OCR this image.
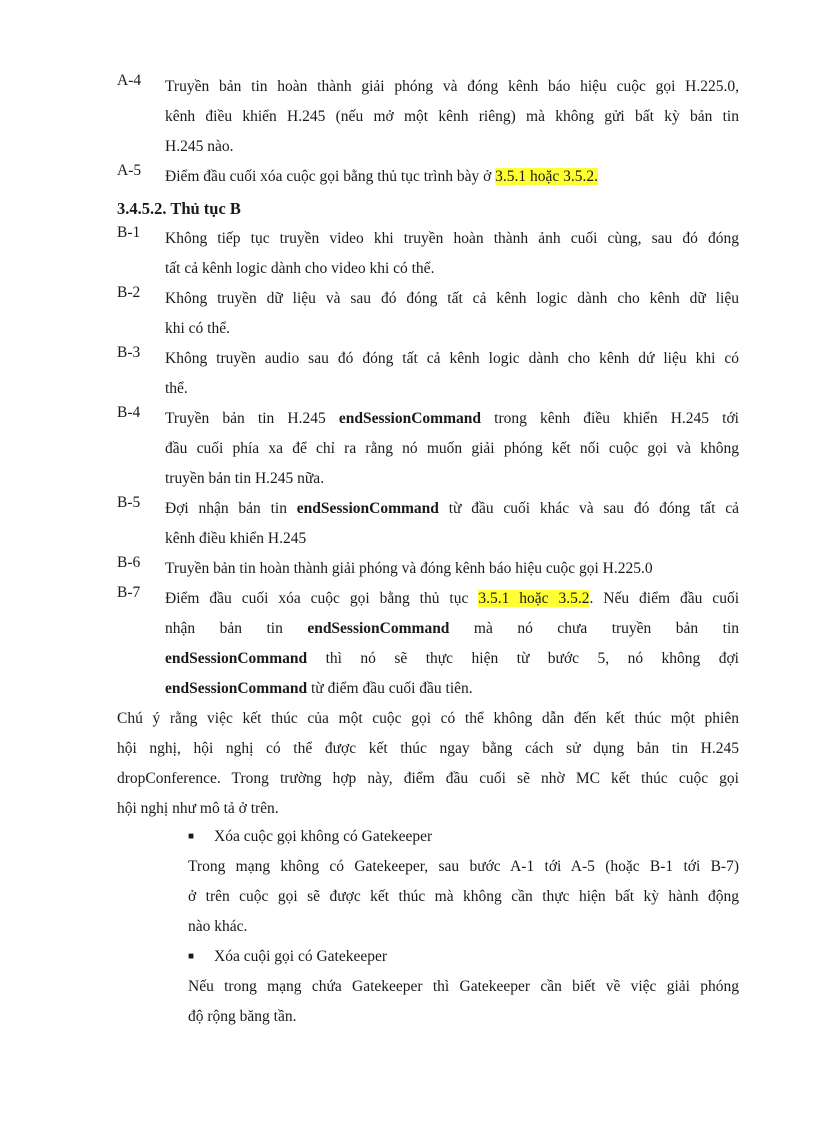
A-4	Truyền bản tin hoàn thành giải phóng và đóng kênh báo hiệu cuộc gọi H.225.0,
kênh điều khiển H.245 (nếu mở một kênh riêng) mà không gửi bất kỳ bản tin
H.245 nào.
A-5	Điểm đầu cuối xóa cuộc gọi bằng thủ tục trình bày ở 3.5.1 hoặc 3.5.2.
3.4.5.2. Thủ tục B
B-1	Không tiếp tục truyền video khi truyền hoàn thành ảnh cuối cùng, sau đó đóng
tất cả kênh logic dành cho video khi có thể.
B-2	Không truyền dữ liệu và sau đó đóng tất cả kênh logic dành cho kênh dữ liệu
khi có thể.
B-3	Không truyền audio sau đó đóng tất cả kênh logic dành cho kênh dứ liệu khi có
thể.
B-4	Truyền bản tin H.245 endSessionCommand trong kênh điều khiển H.245 tới
đầu cuối phía xa để chỉ ra rằng nó muốn giải phóng kết nối cuộc gọi và không
truyền bản tin H.245 nữa.
B-5	Đợi nhận bản tin endSessionCommand từ đầu cuối khác và sau đó đóng tất cả
kênh điều khiển H.245
B-6	Truyền bản tin hoàn thành giải phóng và đóng kênh báo hiệu cuộc gọi H.225.0
B-7	Điểm đầu cuối xóa cuộc gọi bằng thủ tục 3.5.1 hoặc 3.5.2. Nếu điểm đầu cuối
nhận bản tin endSessionCommand mà nó chưa truyền bản tin
endSessionCommand thì nó sẽ thực hiện từ bước 5, nó không đợi
endSessionCommand từ điểm đầu cuối đầu tiên.
Chú ý rằng việc kết thúc của một cuộc gọi có thể không dẫn đến kết thúc một phiên
hội nghị, hội nghị có thể được kết thúc ngay bằng cách sử dụng bản tin H.245
dropConference. Trong trường hợp này, điểm đầu cuối sẽ nhờ MC kết thúc cuộc gọi
hội nghị như mô tả ở trên.
■ Xóa cuộc gọi không có Gatekeeper
Trong mạng không có Gatekeeper, sau bước A-1 tới A-5 (hoặc B-1 tới B-7)
ở trên cuộc gọi sẽ được kết thúc mà không cần thực hiện bất kỳ hành động
nào khác.
■ Xóa cuội gọi có Gatekeeper
Nếu trong mạng chứa Gatekeeper thì Gatekeeper cần biết về việc giải phóng
độ rộng băng tần.
